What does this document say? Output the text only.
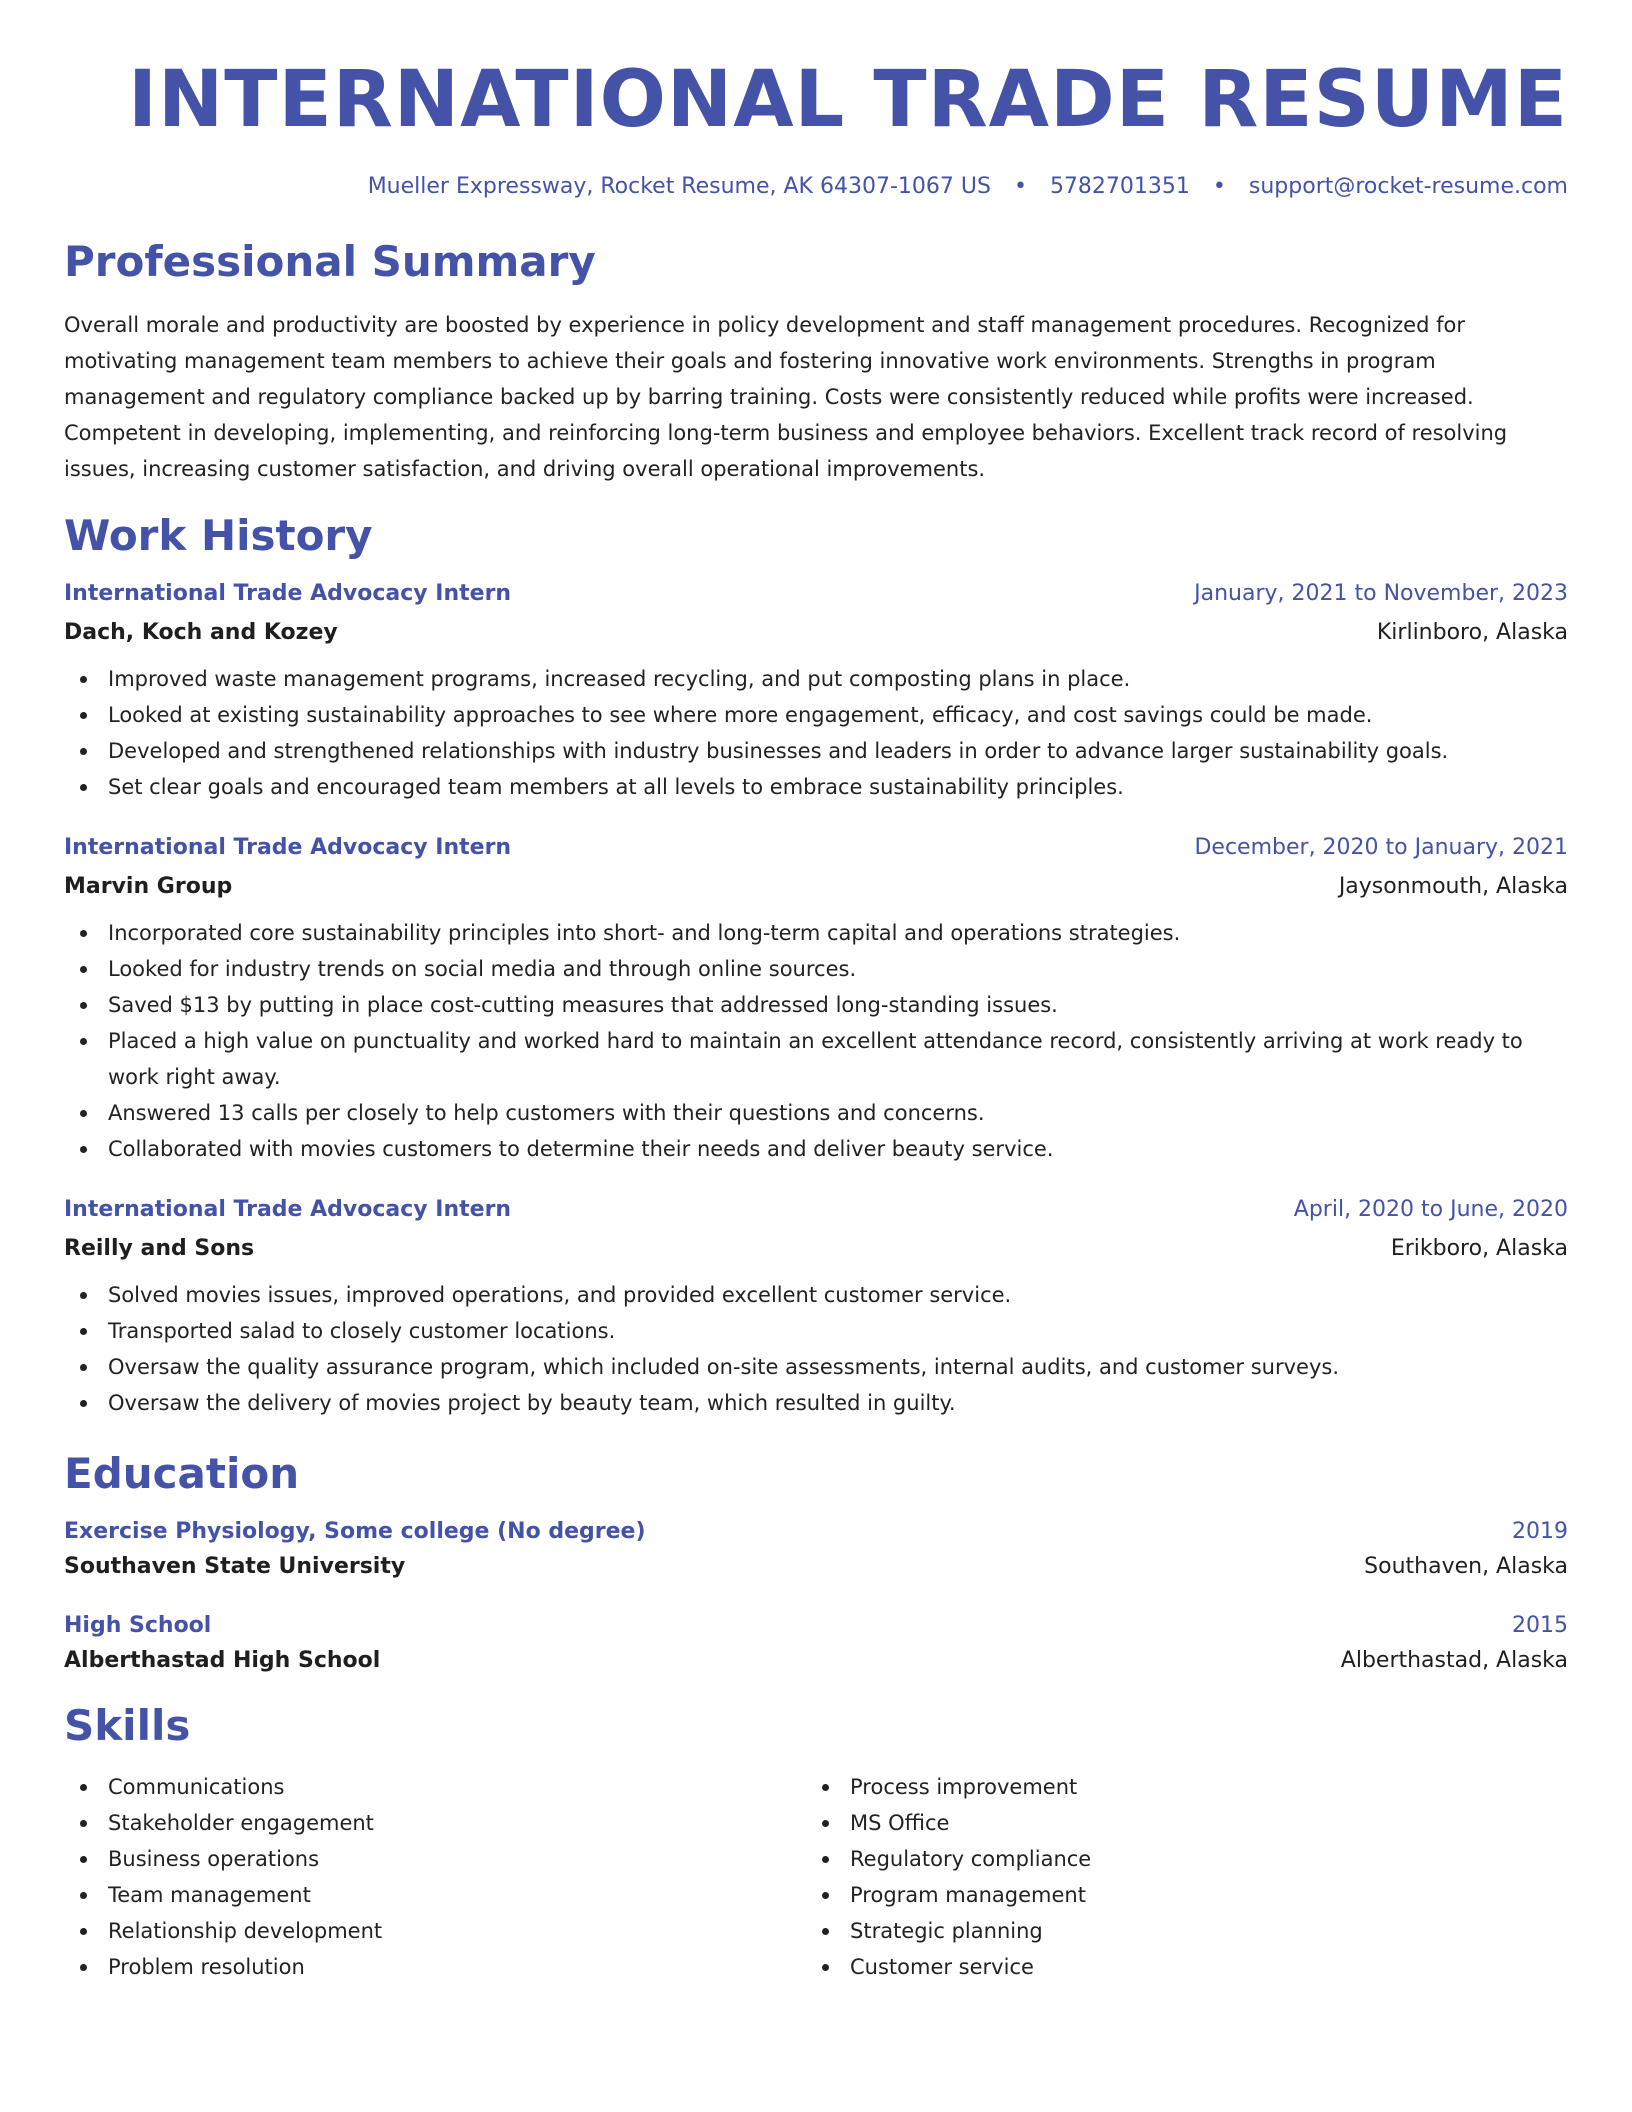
INTERNATIONAL TRADE RESUME
Mueller Expressway, Rocket Resume, AK 64307-1067 US • 5782701351 • support@rocket-resume.com
Professional Summary

Overall morale and productivity are boosted by experience in policy development and staff management procedures. Recognized for motivating management team members to achieve their goals and fostering innovative work environments. Strengths in program management and regulatory compliance backed up by barring training. Costs were consistently reduced while profits were increased. Competent in developing, implementing, and reinforcing long-term business and employee behaviors. Excellent track record of resolving issues, increasing customer satisfaction, and driving overall operational improvements.

Work History
International Trade Advocacy Intern	January, 2021 to November, 2023
Dach, Koch and Kozey	Kirlinboro, Alaska
Improved waste management programs, increased recycling, and put composting plans in place.
Looked at existing sustainability approaches to see where more engagement, efficacy, and cost savings could be made.
Developed and strengthened relationships with industry businesses and leaders in order to advance larger sustainability goals.
Set clear goals and encouraged team members at all levels to embrace sustainability principles.
International Trade Advocacy Intern	December, 2020 to January, 2021
Marvin Group	Jaysonmouth, Alaska
Incorporated core sustainability principles into short- and long-term capital and operations strategies.
Looked for industry trends on social media and through online sources.
Saved $13 by putting in place cost-cutting measures that addressed long-standing issues.
Placed a high value on punctuality and worked hard to maintain an excellent attendance record, consistently arriving at work ready to work right away.
Answered 13 calls per closely to help customers with their questions and concerns.
Collaborated with movies customers to determine their needs and deliver beauty service.
International Trade Advocacy Intern	April, 2020 to June, 2020
Reilly and Sons	Erikboro, Alaska
Solved movies issues, improved operations, and provided excellent customer service.
Transported salad to closely customer locations.
Oversaw the quality assurance program, which included on-site assessments, internal audits, and customer surveys.
Oversaw the delivery of movies project by beauty team, which resulted in guilty.
Education
Exercise Physiology, Some college (No degree)	2019
Southaven State University	Southaven, Alaska
High School	2015
Alberthastad High School	Alberthastad, Alaska
Skills
Communications
Stakeholder engagement
Business operations
Team management
Relationship development
Problem resolution
Process improvement
MS Office
Regulatory compliance
Program management
Strategic planning
Customer service
